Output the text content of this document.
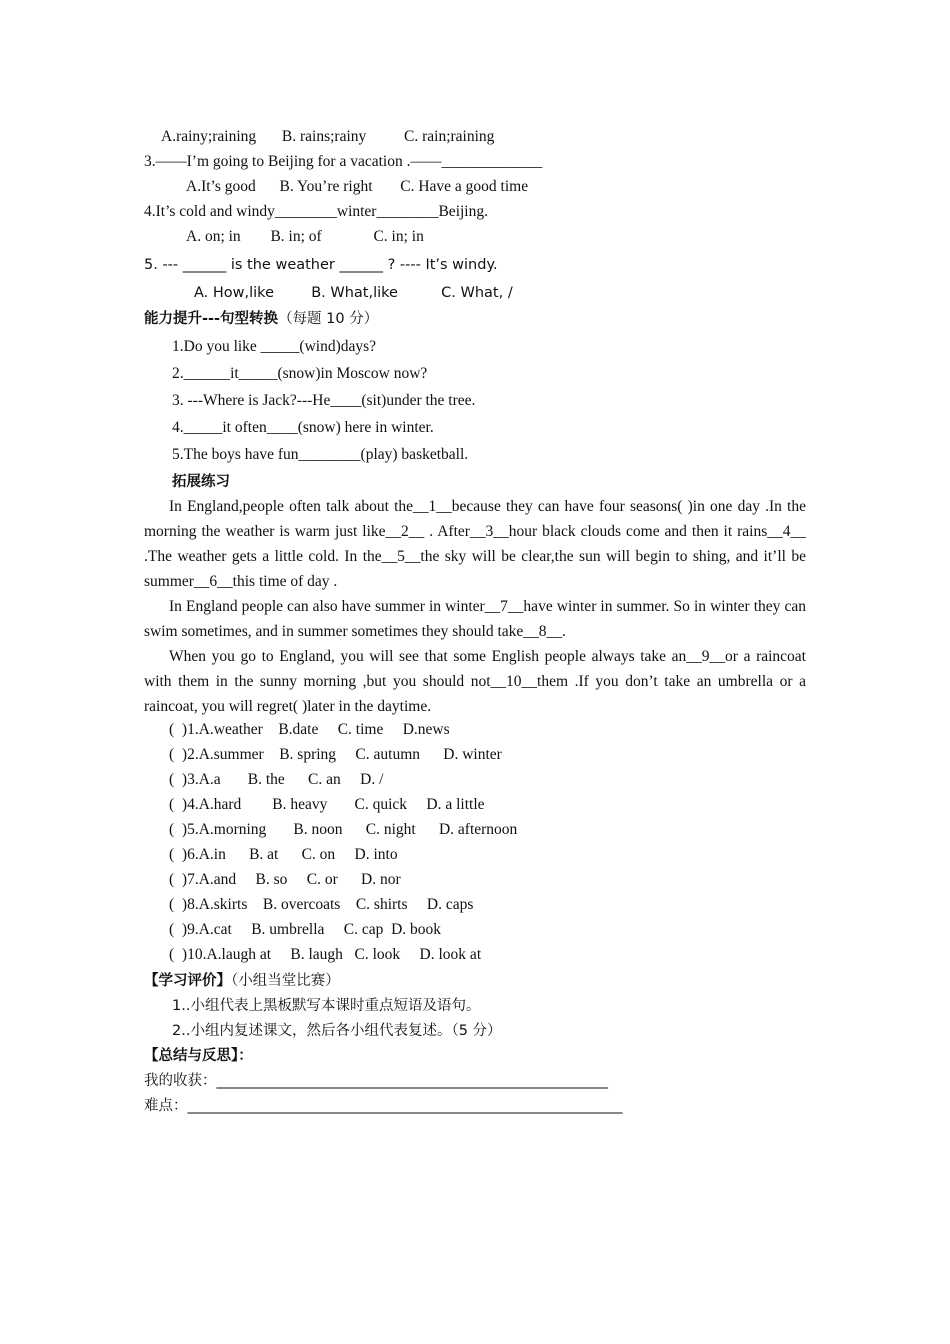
A.rainy;raining B. rains;rainy C. rain;raining
3.——I’m going to Beijing for a vacation .——_____________
A.It’s good B. You’re right C. Have a good time
4.It’s cold and windy________winter________Beijing.
A. on; in B. in; of	C. in; in
5. --- ______ is the weather ______ ? ---- It’s windy.
A. How,like	B. What,like	C. What, /
能力提升---句型转换（每题 10 分）
1.Do you like _____(wind)days?
2.______it_____(snow)in Moscow now?
3. ---Where is Jack?---He____(sit)under the tree.
4._____it often____(snow) here in winter.
5.The boys have fun________(play) basketball.
拓展练习
In England,people often talk about the__1__because they can have four seasons( )in one day .In the morning the weather is warm just like__2__ . After__3__hour black clouds come and then it rains__4__ .The weather gets a little cold. In the__5__the sky will be clear,the sun will begin to shing, and it’ll be summer__6__this time of day .
In England people can also have summer in winter__7__have winter in summer. So in winter they can swim sometimes, and in summer sometimes they should take__8__.
When you go to England, you will see that some English people always take an__9__or a raincoat with them in the sunny morning ,but you should not__10__them .If you don’t take an umbrella or a raincoat, you will regret( )later in the daytime.
(  )1.A.weather    B.date     C. time     D.news
(  )2.A.summer    B. spring     C. autumn      D. winter
(  )3.A.a       B. the      C. an     D. /
(  )4.A.hard        B. heavy       C. quick     D. a little
(  )5.A.morning       B. noon      C. night      D. afternoon
(  )6.A.in      B. at      C. on     D. into
(  )7.A.and     B. so     C. or      D. nor
(  )8.A.skirts    B. overcoats    C. shirts     D. caps
(  )9.A.cat     B. umbrella     C. cap  D. book
(  )10.A.laugh at     B. laugh   C. look     D. look at
【学习评价】（小组当堂比赛）
1..小组代表上黑板默写本课时重点短语及语句。
2..小组内复述课文，然后各小组代表复述。（5 分）
【总结与反思】：
我的收获：______________________________________________________
难点：____________________________________________________________
